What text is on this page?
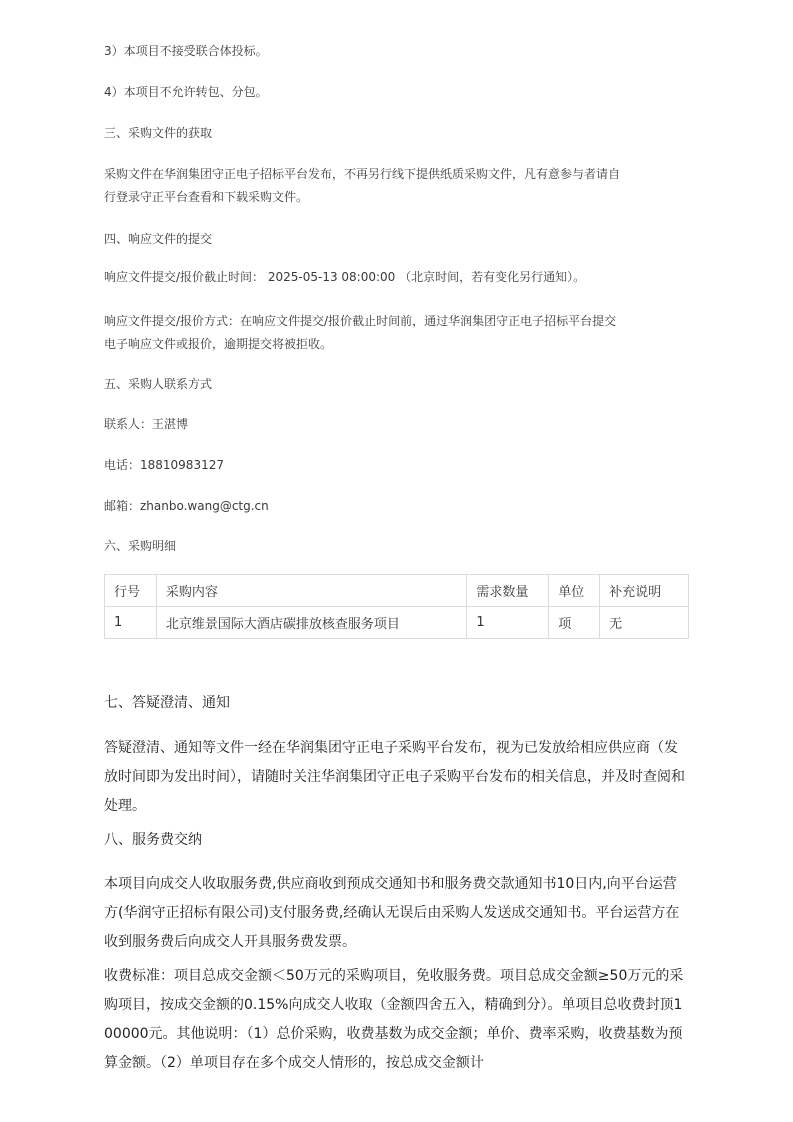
3）本项目不接受联合体投标。

4）本项目不允许转包、分包。

三、采购文件的获取

采购文件在华润集团守正电子招标平台发布，不再另行线下提供纸质采购文件，凡有意参与者请自

行登录守正平台查看和下载采购文件。

四、响应文件的提交

响应文件提交/报价截止时间： 2025-05-13 08:00:00 （北京时间，若有变化另行通知）。

响应文件提交/报价方式：在响应文件提交/报价截止时间前，通过华润集团守正电子招标平台提交

电子响应文件或报价，逾期提交将被拒收。

五、采购人联系方式

联系人：王湛博

电话：18810983127

邮箱：zhanbo.wang@ctg.cn

六、采购明细

行号	采购内容	需求数量	单位	补充说明
1	北京维景国际大酒店碳排放核查服务项目	1	项	无

七、答疑澄清、通知

答疑澄清、通知等文件一经在华润集团守正电子采购平台发布，视为已发放给相应供应商（发放时间即为发出时间），请随时关注华润集团守正电子采购平台发布的相关信息，并及时查阅和处理。

八、服务费交纳

本项目向成交人收取服务费,供应商收到预成交通知书和服务费交款通知书10日内,向平台运营方(华润守正招标有限公司)支付服务费,经确认无误后由采购人发送成交通知书。平台运营方在收到服务费后向成交人开具服务费发票。

收费标准：项目总成交金额＜50万元的采购项目，免收服务费。项目总成交金额≥50万元的采购项目，按成交金额的0.15%向成交人收取（金额四舍五入，精确到分）。单项目总收费封顶100000元。其他说明：（1）总价采购，收费基数为成交金额；单价、费率采购，收费基数为预算金额。（2）单项目存在多个成交人情形的，按总成交金额计
